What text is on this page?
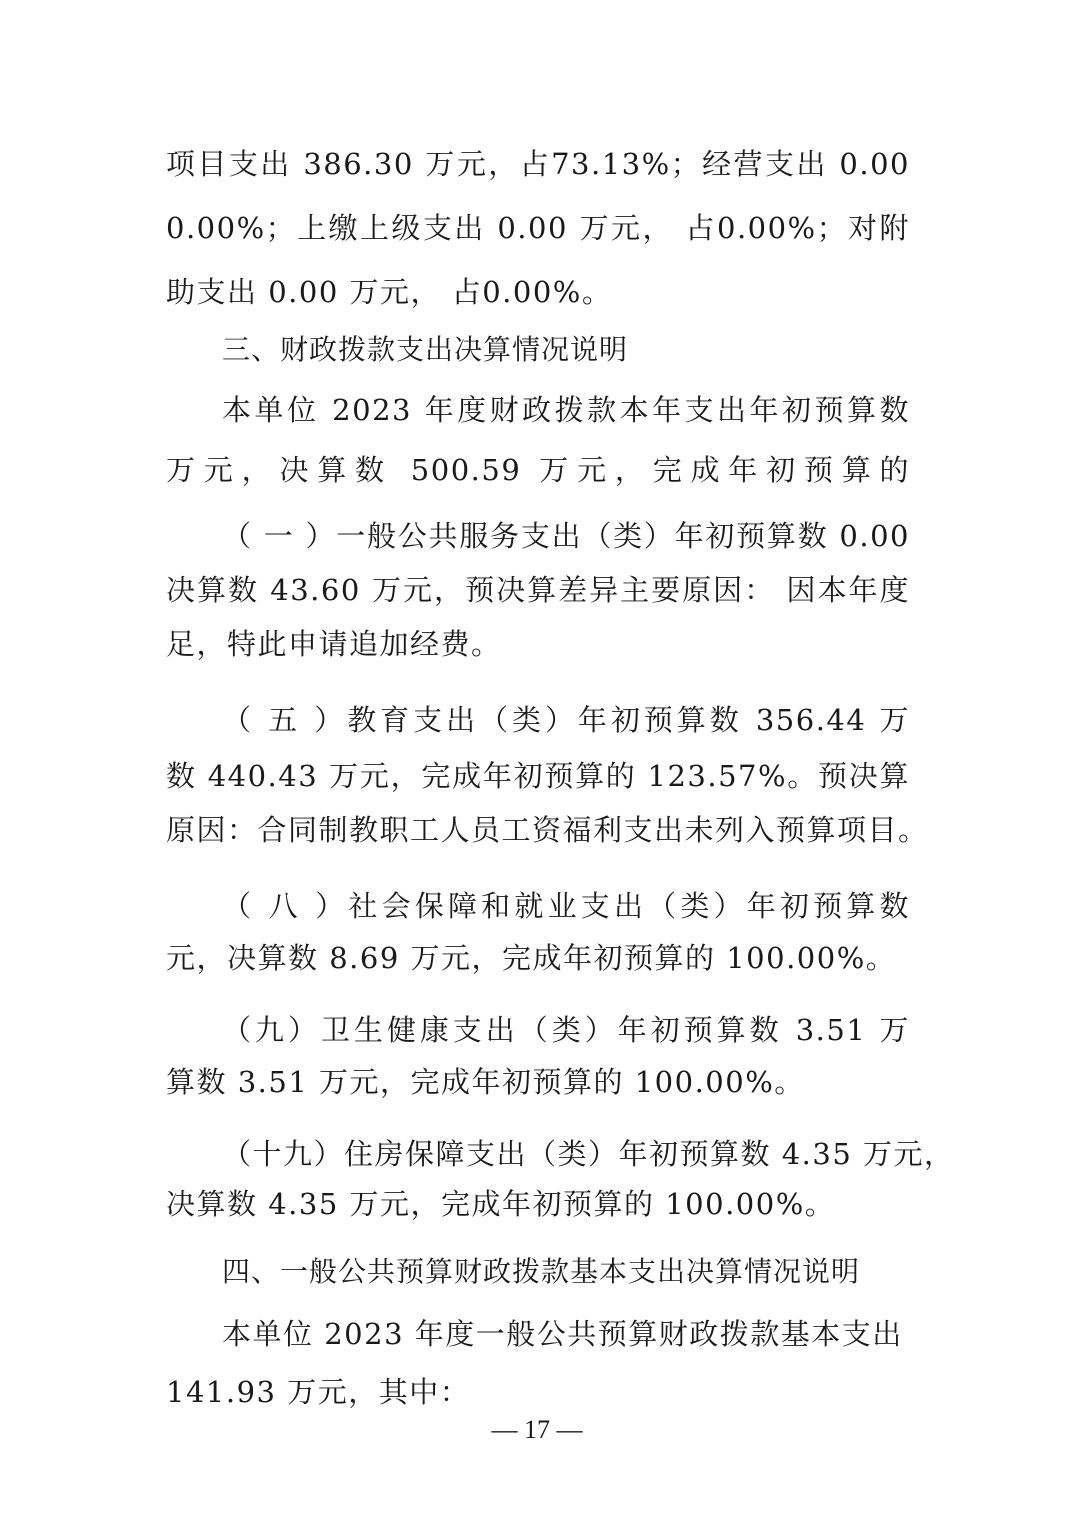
项目支出 386.30 万元，占73.13%；经营支出 0.00
0.00%；上缴上级支出 0.00 万元， 占0.00%；对附
助支出 0.00 万元， 占0.00%。
三、财政拨款支出决算情况说明
本单位 2023 年度财政拨款本年支出年初预算数
万元，决算数 500.59 万元，完成年初预算的
（ 一 ）一般公共服务支出（类）年初预算数 0.00
决算数 43.60 万元，预决算差异主要原因： 因本年度
足，特此申请追加经费。
（ 五 ）教育支出（类）年初预算数 356.44 万
数 440.43 万元，完成年初预算的 123.57%。预决算
原因：合同制教职工人员工资福利支出未列入预算项目。
（ 八 ）社会保障和就业支出（类）年初预算数
元，决算数 8.69 万元，完成年初预算的 100.00%。
（九）卫生健康支出（类）年初预算数 3.51 万
算数 3.51 万元，完成年初预算的 100.00%。
（十九）住房保障支出（类）年初预算数 4.35 万元，
决算数 4.35 万元，完成年初预算的 100.00%。
四、一般公共预算财政拨款基本支出决算情况说明
本单位 2023 年度一般公共预算财政拨款基本支出
141.93 万元，其中：
— 17 —
